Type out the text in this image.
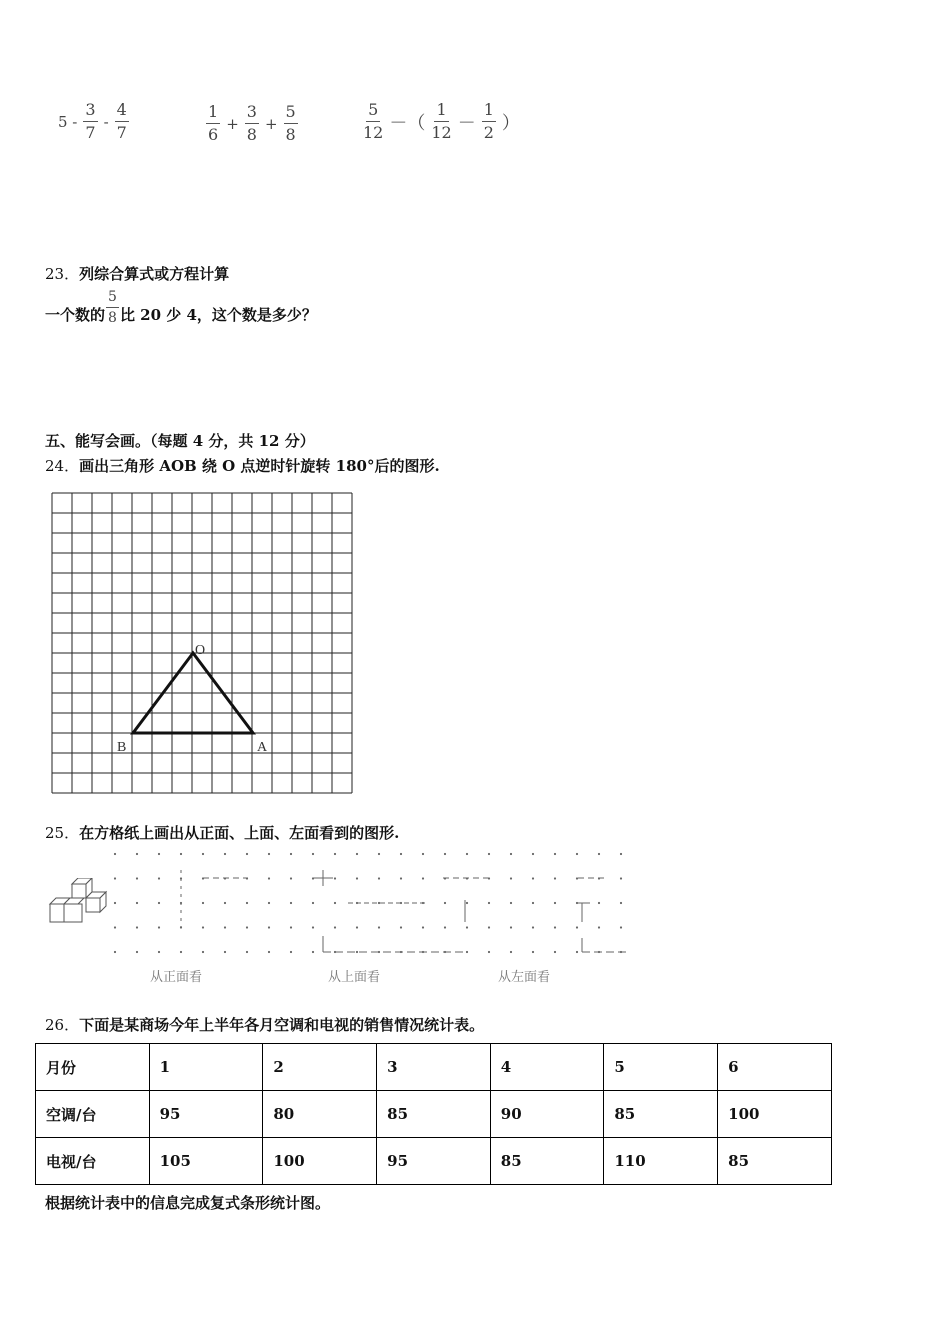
$5 - \frac{3}{7} - \frac{4}{7}$	$\frac{1}{6} + \frac{3}{8} + \frac{5}{8}$	$\frac{5}{12}$ －（ $\frac{1}{12} - \frac{1}{2}$ ）
23．列综合算式或方程计算
一个数的 $\frac{5}{8}$ 比 20 少 4，这个数是多少？
五、能写会画。（每题 4 分，共 12 分）
24．画出三角形 AOB 绕 O 点逆时针旋转 180°后的图形.
O
A
B
25．在方格纸上画出从正面、上面、左面看到的图形.
从正面看	从上面看	从左面看
26．下面是某商场今年上半年各月空调和电视的销售情况统计表。
月份	1	2	3	4	5	6
空调/台	95	80	85	90	85	100
电视/台	105	100	95	85	110	85
根据统计表中的信息完成复式条形统计图。
